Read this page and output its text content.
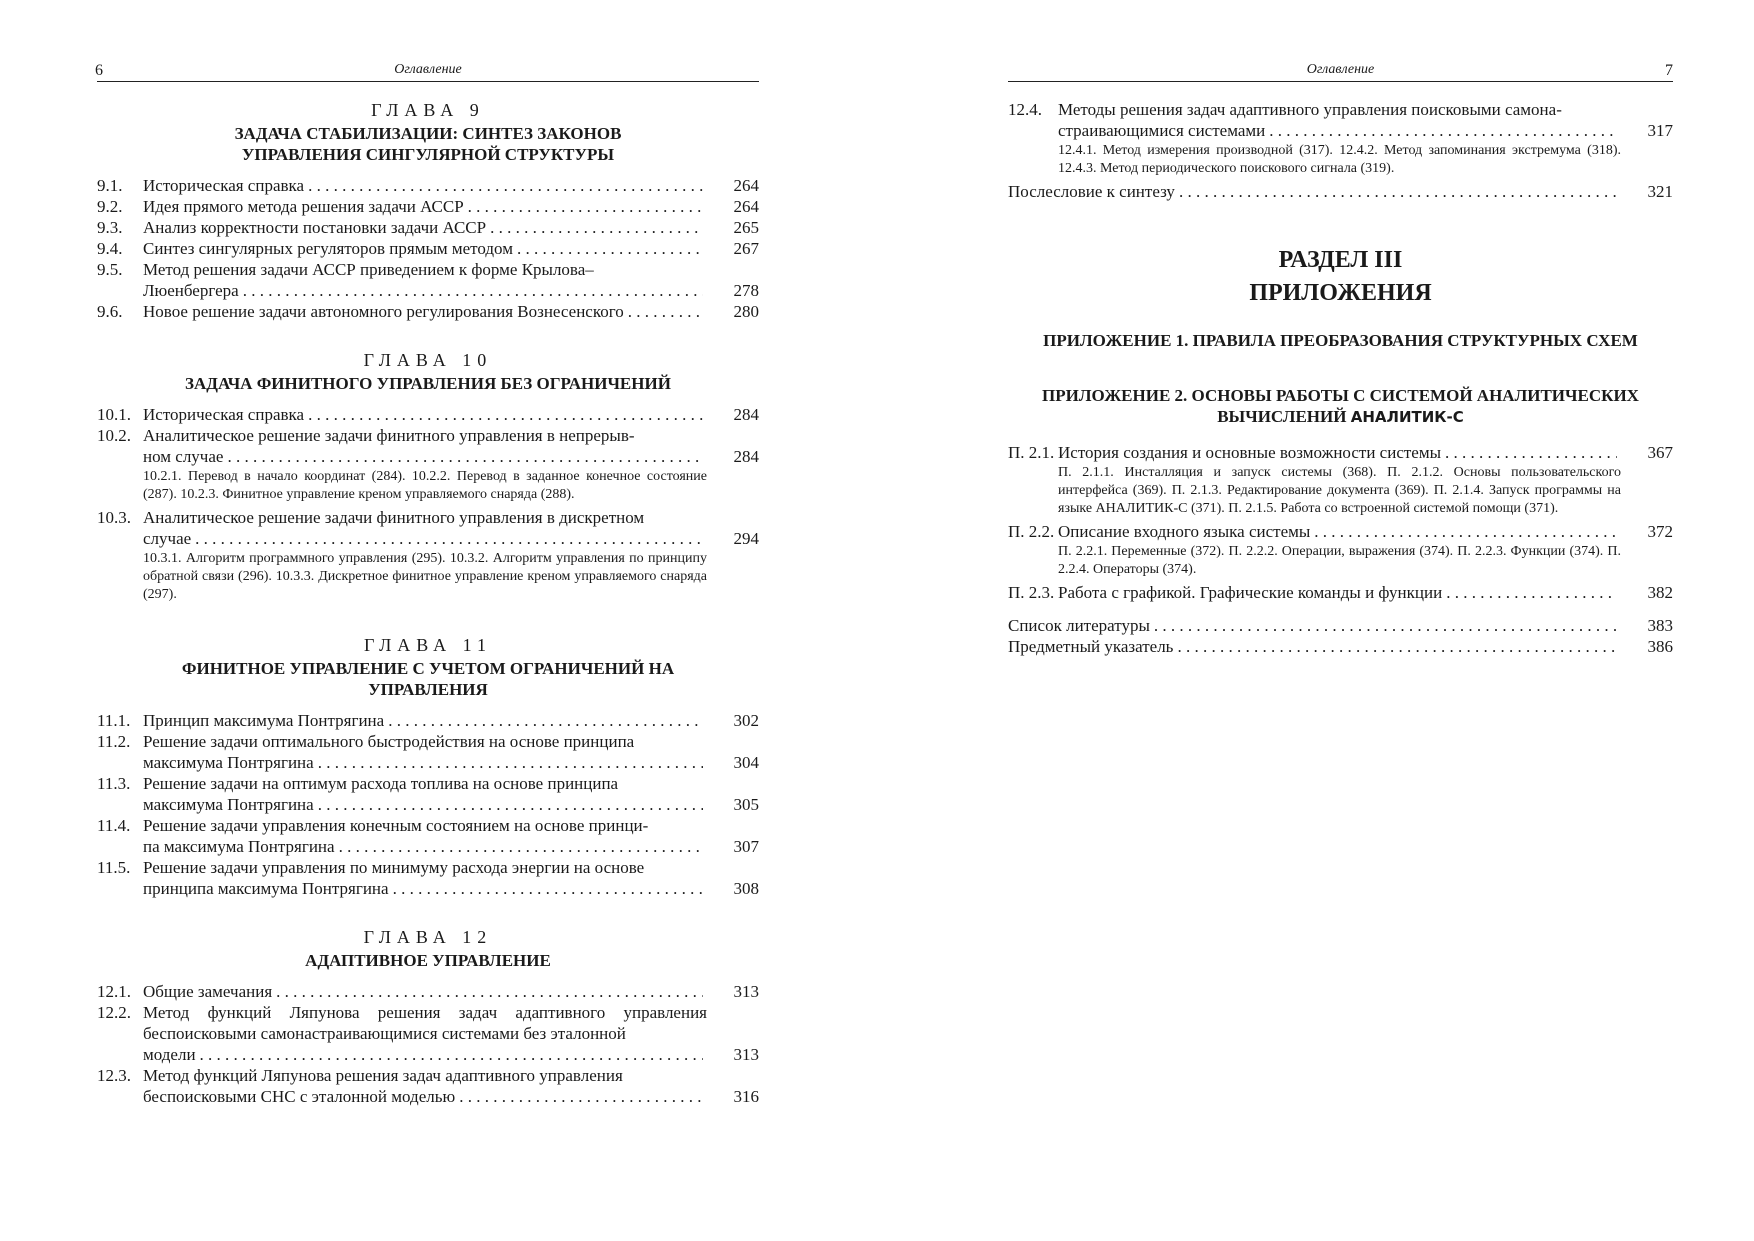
6	Оглавление
ГЛАВА 9
ЗАДАЧА СТАБИЛИЗАЦИИ: СИНТЕЗ ЗАКОНОВ УПРАВЛЕНИЯ СИНГУЛЯРНОЙ СТРУКТУРЫ
9.1. Историческая справка . . .	264
9.2. Идея прямого метода решения задачи АССР . . .	264
9.3. Анализ корректности постановки задачи АССР . . .	265
9.4. Синтез сингулярных регуляторов прямым методом . . .	267
9.5. Метод решения задачи АССР приведением к форме Крылова–
Люенбергера . . .	278
9.6. Новое решение задачи автономного регулирования Вознесенского . . .	280
ГЛАВА 10
ЗАДАЧА ФИНИТНОГО УПРАВЛЕНИЯ БЕЗ ОГРАНИЧЕНИЙ
10.1. Историческая справка . . .	284
10.2. Аналитическое решение задачи финитного управления в непрерыв-
ном случае . . .	284
10.2.1. Перевод в начало координат (284). 10.2.2. Перевод в заданное конечное состояние (287). 10.2.3. Финитное управление креном управляемого снаряда (288).
10.3. Аналитическое решение задачи финитного управления в дискретном
случае . . .	294
10.3.1. Алгоритм программного управления (295). 10.3.2. Алгоритм управления по принципу обратной связи (296). 10.3.3. Дискретное финитное управление креном управляемого снаряда (297).
ГЛАВА 11
ФИНИТНОЕ УПРАВЛЕНИЕ С УЧЕТОМ ОГРАНИЧЕНИЙ НА УПРАВЛЕНИЯ
11.1. Принцип максимума Понтрягина . . .	302
11.2. Решение задачи оптимального быстродействия на основе принципа
максимума Понтрягина . . .	304
11.3. Решение задачи на оптимум расхода топлива на основе принципа
максимума Понтрягина . . .	305
11.4. Решение задачи управления конечным состоянием на основе принци-
па максимума Понтрягина . . .	307
11.5. Решение задачи управления по минимуму расхода энергии на основе
принципа максимума Понтрягина . . .	308
ГЛАВА 12
АДАПТИВНОЕ УПРАВЛЕНИЕ
12.1. Общие замечания . . .	313
12.2. Метод функций Ляпунова решения задач адаптивного управления беспоисковыми самонастраивающимися системами без эталонной
модели . . .	313
12.3. Метод функций Ляпунова решения задач адаптивного управления
беспоисковыми СНС с эталонной моделью . . .	316
Оглавление	7
12.4. Методы решения задач адаптивного управления поисковыми самона-
страивающимися системами . . .	317
12.4.1. Метод измерения производной (317). 12.4.2. Метод запоминания экстремума (318). 12.4.3. Метод периодического поискового сигнала (319).
Послесловие к синтезу . . .	321
РАЗДЕЛ III
ПРИЛОЖЕНИЯ
ПРИЛОЖЕНИЕ 1. ПРАВИЛА ПРЕОБРАЗОВАНИЯ СТРУКТУРНЫХ СХЕМ
ПРИЛОЖЕНИЕ 2. ОСНОВЫ РАБОТЫ С СИСТЕМОЙ АНАЛИТИЧЕСКИХ
ВЫЧИСЛЕНИЙ АНАЛИТИК-С
П. 2.1. История создания и основные возможности системы . . .	367
П. 2.1.1. Инсталляция и запуск системы (368). П. 2.1.2. Основы пользовательского интерфейса (369). П. 2.1.3. Редактирование документа (369). П. 2.1.4. Запуск программы на языке АНАЛИТИК-С (371). П. 2.1.5. Работа со встроенной системой помощи (371).
П. 2.2. Описание входного языка системы . . .	372
П. 2.2.1. Переменные (372). П. 2.2.2. Операции, выражения (374). П. 2.2.3. Функции (374). П. 2.2.4. Операторы (374).
П. 2.3. Работа с графикой. Графические команды и функции . . .	382
Список литературы . . .	383
Предметный указатель . . .	386
